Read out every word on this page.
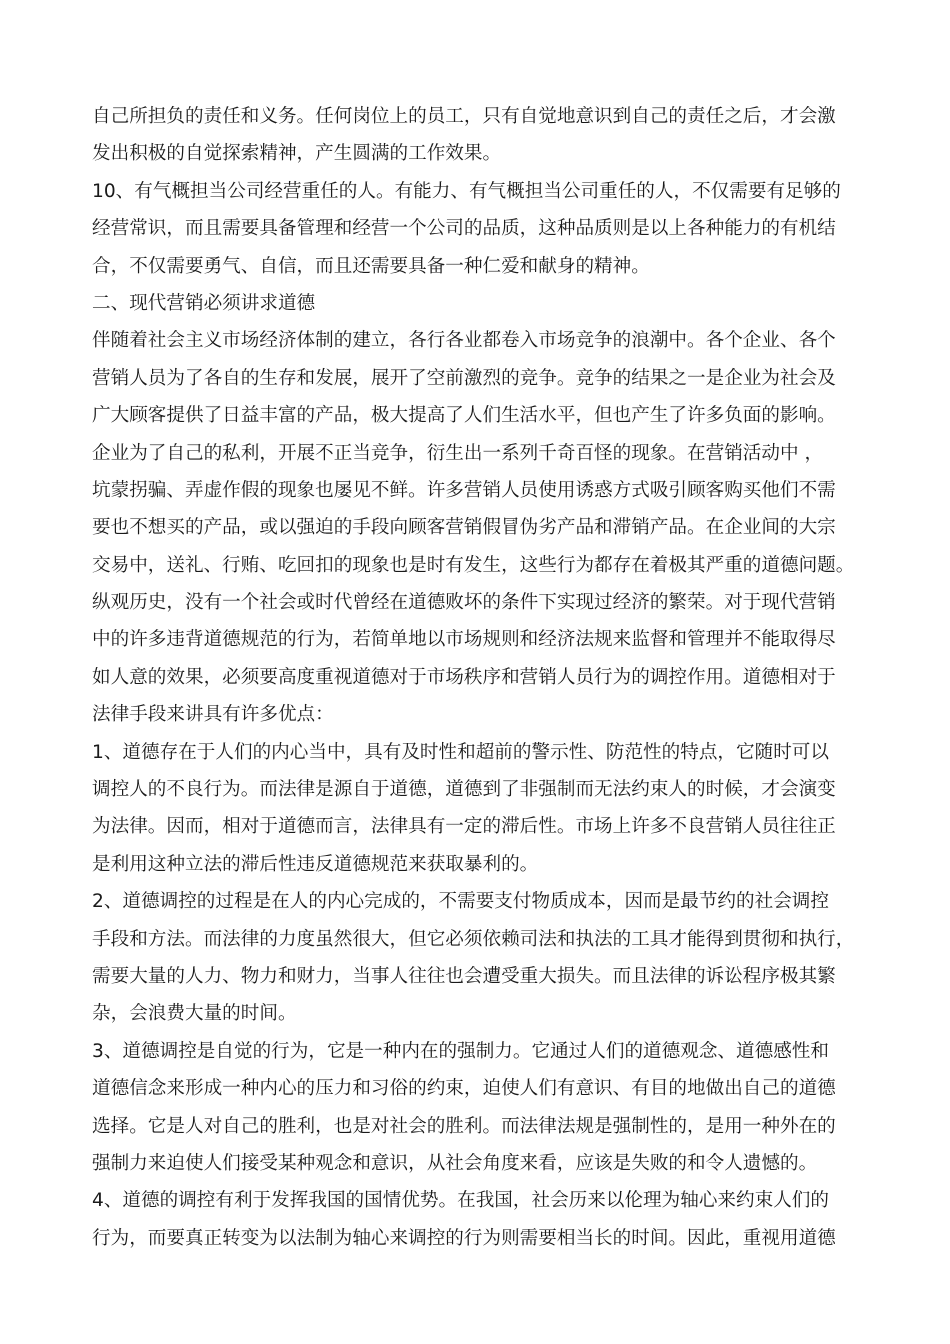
自己所担负的责任和义务。任何岗位上的员工，只有自觉地意识到自己的责任之后，才会激
发出积极的自觉探索精神，产生圆满的工作效果。
10、有气概担当公司经营重任的人。有能力、有气概担当公司重任的人，不仅需要有足够的
经营常识，而且需要具备管理和经营一个公司的品质，这种品质则是以上各种能力的有机结
合，不仅需要勇气、自信，而且还需要具备一种仁爱和献身的精神。
二、现代营销必须讲求道德
伴随着社会主义市场经济体制的建立，各行各业都卷入市场竞争的浪潮中。各个企业、各个
营销人员为了各自的生存和发展，展开了空前激烈的竞争。竞争的结果之一是企业为社会及
广大顾客提供了日益丰富的产品，极大提高了人们生活水平，但也产生了许多负面的影响。
企业为了自己的私利，开展不正当竞争，衍生出一系列千奇百怪的现象。在营销活动中 ，
坑蒙拐骗、弄虚作假的现象也屡见不鲜。许多营销人员使用诱惑方式吸引顾客购买他们不需
要也不想买的产品，或以强迫的手段向顾客营销假冒伪劣产品和滞销产品。在企业间的大宗
交易中，送礼、行贿、吃回扣的现象也是时有发生，这些行为都存在着极其严重的道德问题。
纵观历史，没有一个社会或时代曾经在道德败坏的条件下实现过经济的繁荣。对于现代营销
中的许多违背道德规范的行为，若简单地以市场规则和经济法规来监督和管理并不能取得尽
如人意的效果，必须要高度重视道德对于市场秩序和营销人员行为的调控作用。道德相对于
法律手段来讲具有许多优点：
1、道德存在于人们的内心当中，具有及时性和超前的警示性、防范性的特点，它随时可以
调控人的不良行为。而法律是源自于道德，道德到了非强制而无法约束人的时候，才会演变
为法律。因而，相对于道德而言，法律具有一定的滞后性。市场上许多不良营销人员往往正
是利用这种立法的滞后性违反道德规范来获取暴利的。
2、道德调控的过程是在人的内心完成的，不需要支付物质成本，因而是最节约的社会调控
手段和方法。而法律的力度虽然很大，但它必须依赖司法和执法的工具才能得到贯彻和执行，
需要大量的人力、物力和财力，当事人往往也会遭受重大损失。而且法律的诉讼程序极其繁
杂，会浪费大量的时间。
3、道德调控是自觉的行为，它是一种内在的强制力。它通过人们的道德观念、道德感性和
道德信念来形成一种内心的压力和习俗的约束，迫使人们有意识、有目的地做出自己的道德
选择。它是人对自己的胜利，也是对社会的胜利。而法律法规是强制性的，是用一种外在的
强制力来迫使人们接受某种观念和意识，从社会角度来看，应该是失败的和令人遗憾的。
4、道德的调控有利于发挥我国的国情优势。在我国，社会历来以伦理为轴心来约束人们的
行为，而要真正转变为以法制为轴心来调控的行为则需要相当长的时间。因此，重视用道德
